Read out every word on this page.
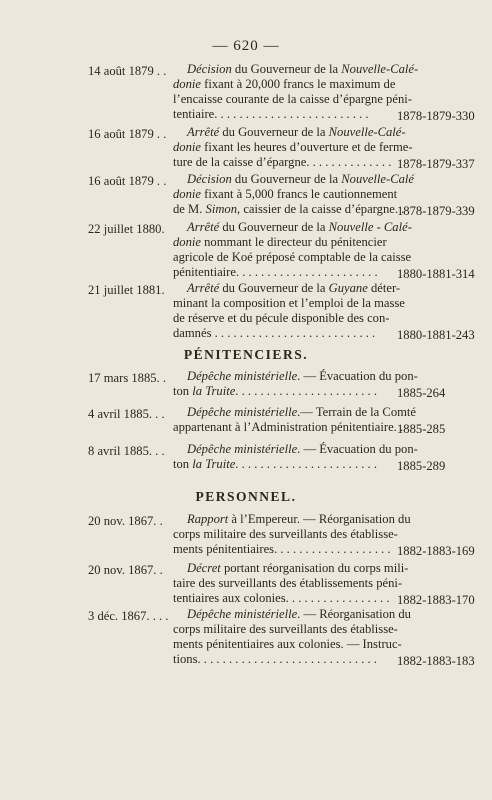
— 620 —
14 août 1879 . .	Décision du Gouverneur de la Nouvelle-Calé-
donie fixant à 20,000 francs le maximum de
l’encaisse courante de la caisse d’épargne péni-
tentiaire. . . . . . . . . . . . . . . . . . . . . . . . .	1878-1879-330
16 août 1879 . .	Arrêté du Gouverneur de la Nouvelle-Calé-
donie fixant les heures d’ouverture et de ferme-
ture de la caisse d’épargne. . . . . . . . . . . . . . 1878-1879-337
16 août 1879 . .	Décision du Gouverneur de la Nouvelle-Calé
donie fixant à 5,000 francs le cautionnement
de M. Simon, caissier de la caisse d’épargne. .
1878-1879-339
22 juillet 1880.	Arrêté du Gouverneur de la Nouvelle - Calé-
donie nommant le directeur du pénitencier
agricole de Koé préposé comptable de la caisse
pénitentiaire. . . . . . . . . . . . . . . . . . . . . . .	1880-1881-314
21 juillet 1881.	Arrêté du Gouverneur de la Guyane déter-
minant la composition et l’emploi de la masse
de réserve et du pécule disponible des con-
damnés . . . . . . . . . . . . . . . . . . . . . . . . . .	1880-1881-243
PÉNITENCIERS.
17 mars 1885. .	Dépêche ministérielle. — Évacuation du pon-
ton la Truite. . . . . . . . . . . . . . . . . . . . . . .	1885-264
4 avril 1885. . .	Dépêche ministérielle.— Terrain de la Comté
appartenant à l’Administration pénitentiaire. .
1885-285
8 avril 1885. . .	Dépêche ministérielle. — Évacuation du pon-
ton la Truite. . . . . . . . . . . . . . . . . . . . . . .	1885-289
PERSONNEL.
20 nov. 1867. .	Rapport à l’Empereur. — Réorganisation du
corps militaire des surveillants des établisse-
ments pénitentiaires. . . . . . . . . . . . . . . . . . . 1882-1883-169
20 nov. 1867. .	Décret portant réorganisation du corps mili-
taire des surveillants des établissements péni-
tentiaires aux colonies. . . . . . . . . . . . . . . . . 1882-1883-170
3 déc. 1867. . . .	Dépêche ministérielle. — Réorganisation du
corps militaire des surveillants des établisse-
ments pénitentiaires aux colonies. — Instruc-
tions. . . . . . . . . . . . . . . . . . . . . . . . . . . . .	1882-1883-183
